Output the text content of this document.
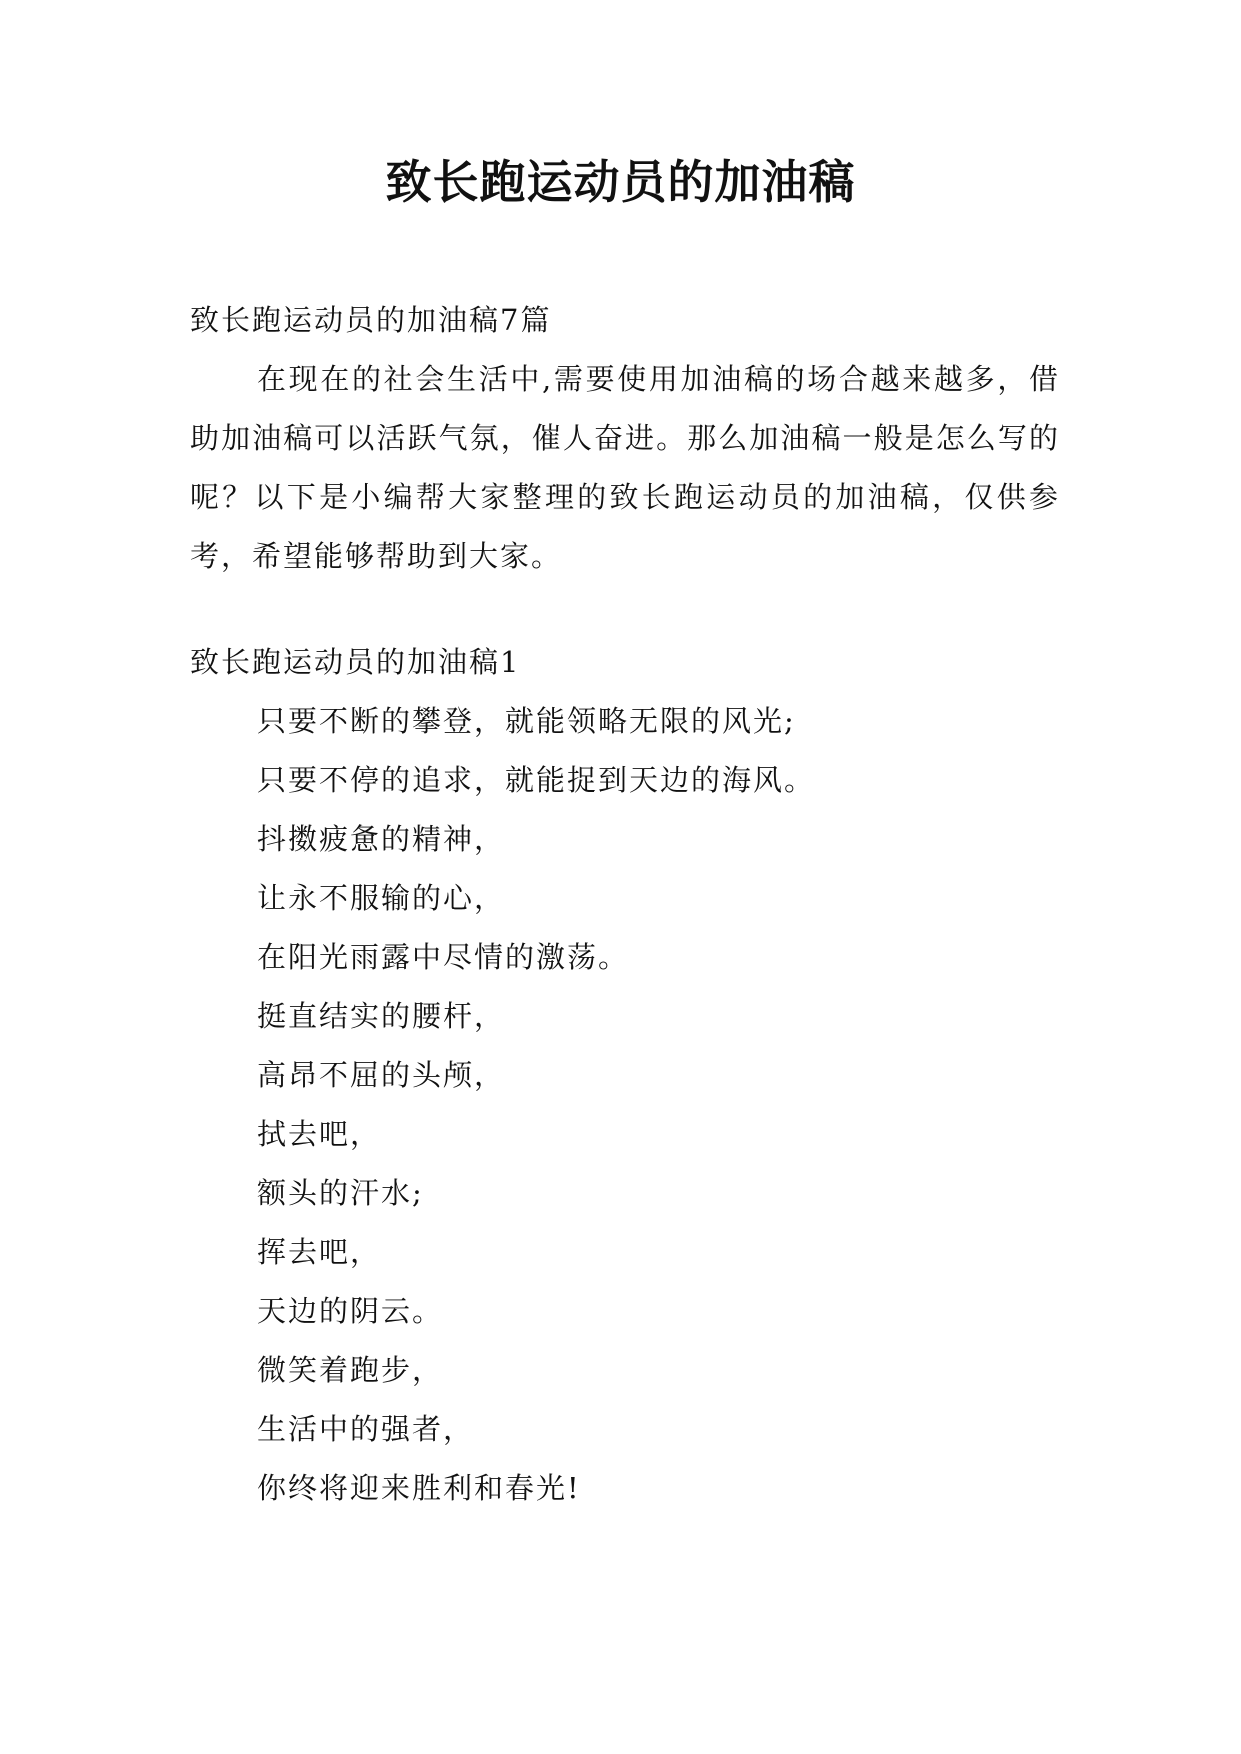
致长跑运动员的加油稿

致长跑运动员的加油稿7篇

在现在的社会生活中,需要使用加油稿的场合越来越多，借助加油稿可以活跃气氛，催人奋进。那么加油稿一般是怎么写的呢？以下是小编帮大家整理的致长跑运动员的加油稿，仅供参考，希望能够帮助到大家。

致长跑运动员的加油稿1

只要不断的攀登，就能领略无限的风光;
只要不停的追求，就能捉到天边的海风。
抖擞疲惫的精神，
让永不服输的心，
在阳光雨露中尽情的激荡。
挺直结实的腰杆，
高昂不屈的头颅，
拭去吧，
额头的汗水;
挥去吧，
天边的阴云。
微笑着跑步，
生活中的强者，
你终将迎来胜利和春光!
